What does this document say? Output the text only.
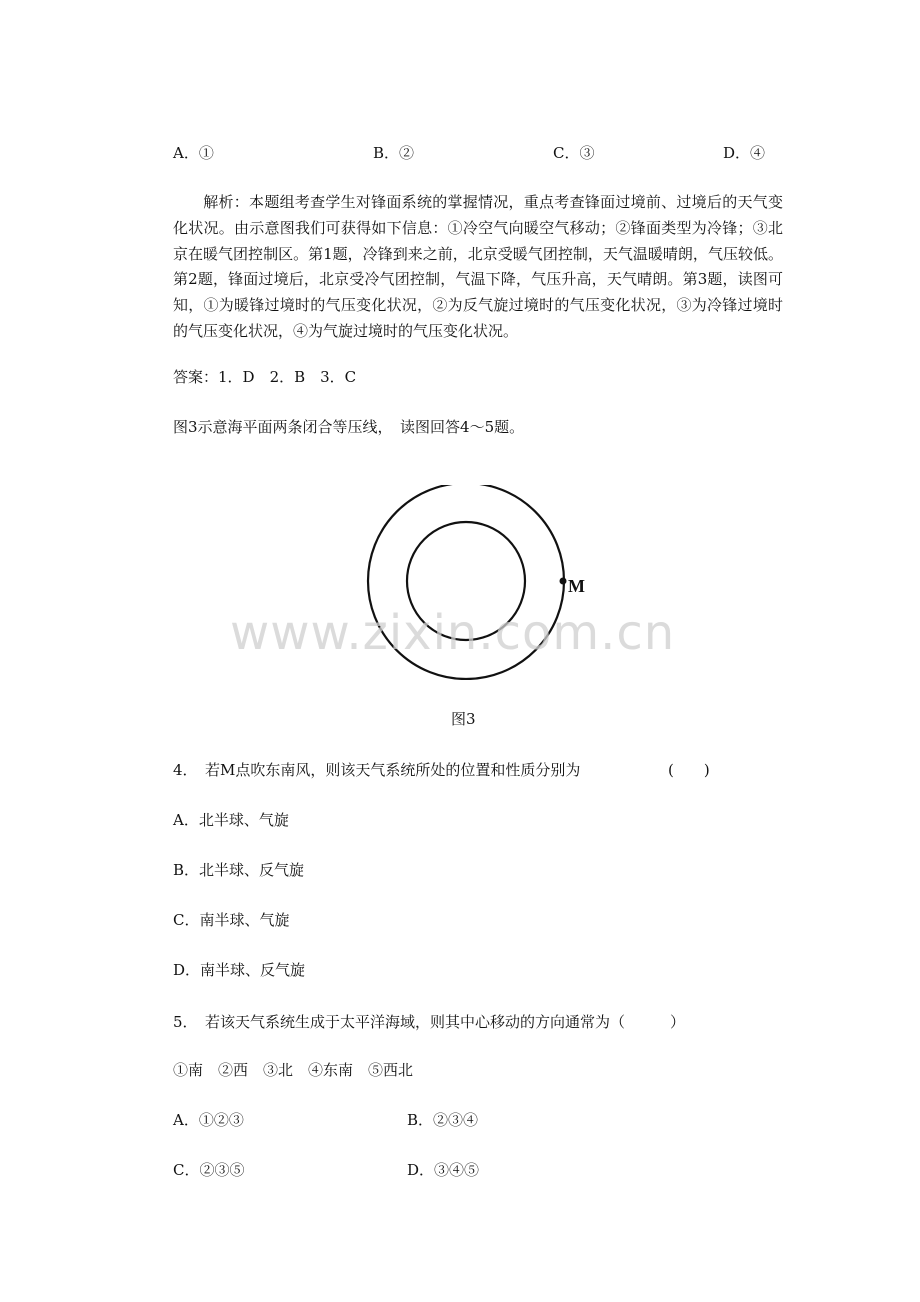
A．①	B．②	C．③	D．④
解析：本题组考查学生对锋面系统的掌握情况，重点考查锋面过境前、过境后的天气变化状况。由示意图我们可获得如下信息：①冷空气向暖空气移动；②锋面类型为冷锋；③北京在暖气团控制区。第1题，冷锋到来之前，北京受暖气团控制，天气温暖晴朗，气压较低。第2题，锋面过境后，北京受冷气团控制，气温下降，气压升高，天气晴朗。第3题，读图可知，①为暖锋过境时的气压变化状况，②为反气旋过境时的气压变化状况，③为冷锋过境时的气压变化状况，④为气旋过境时的气压变化状况。
答案：1．D　2．B　3．C
图3示意海平面两条闭合等压线，　读图回答4～5题。
M
www.zixin.com.cn
图3
4．　若M点吹东南风，则该天气系统所处的位置和性质分别为	(　　)
A．北半球、气旋
B．北半球、反气旋
C．南半球、气旋
D．南半球、反气旋
5．　若该天气系统生成于太平洋海域，则其中心移动的方向通常为（　　　）
①南　②西　③北　④东南　⑤西北
A．①②③	B．②③④
C．②③⑤	D．③④⑤
